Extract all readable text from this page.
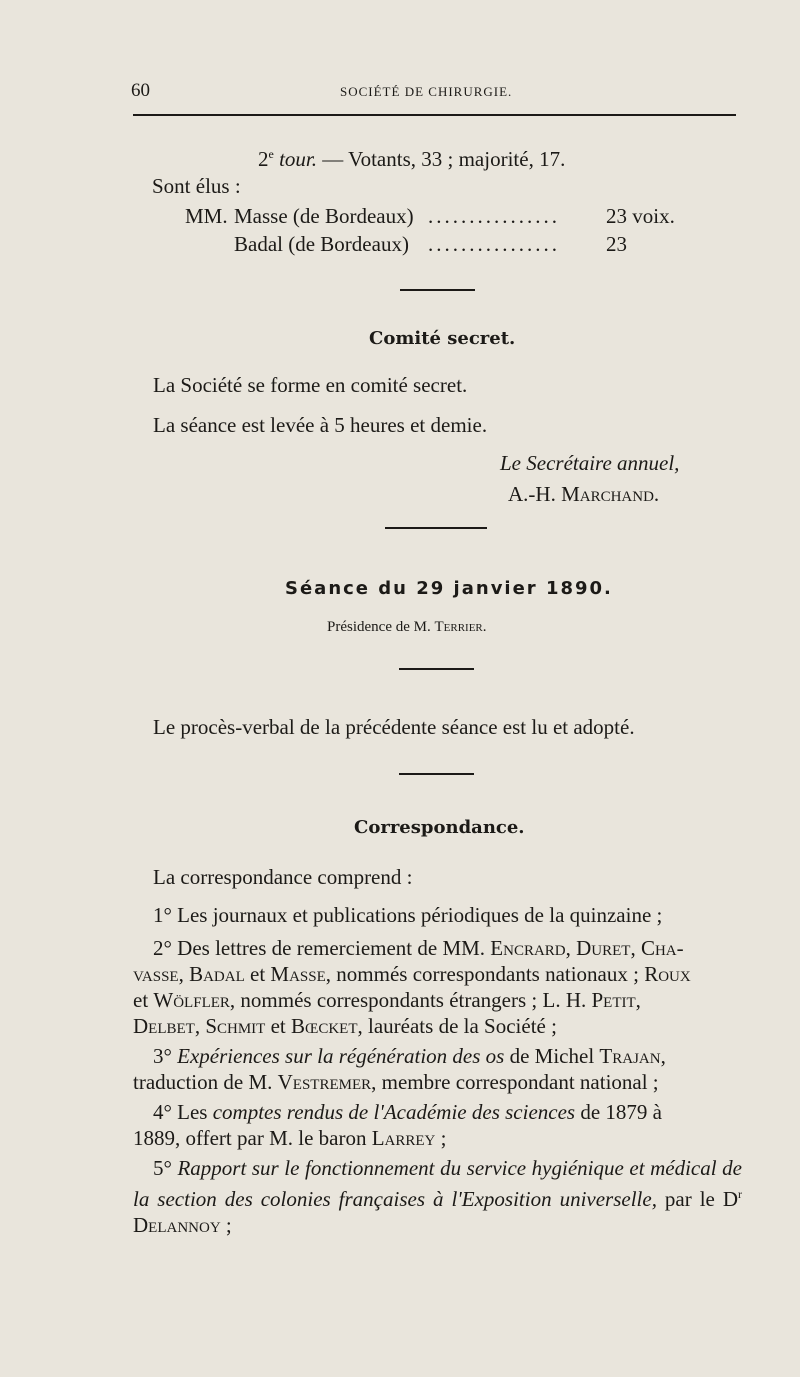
60	SOCIÉTÉ DE CHIRURGIE.
2e tour. — Votants, 33 ; majorité, 17.
Sont élus :
MM. Masse (de Bordeaux) ................ 23 voix.
Badal (de Bordeaux) ................ 23
Comité secret.
La Société se forme en comité secret.
La séance est levée à 5 heures et demie.
Le Secrétaire annuel,
A.-H. Marchand.
Séance du 29 janvier 1890.
Présidence de M. Terrier.
Le procès-verbal de la précédente séance est lu et adopté.
Correspondance.
La correspondance comprend :
1° Les journaux et publications périodiques de la quinzaine ;
2° Des lettres de remerciement de MM. Encrard, Duret, Cha-
vasse, Badal et Masse, nommés correspondants nationaux ; Roux
et Wölfler, nommés correspondants étrangers ; L. H. Petit,
Delbet, Schmit et Bœcket, lauréats de la Société ;
3° Expériences sur la régénération des os de Michel Trajan,
traduction de M. Vestremer, membre correspondant national ;
4° Les comptes rendus de l'Académie des sciences de 1879 à
1889, offert par M. le baron Larrey ;
5° Rapport sur le fonctionnement du service hygiénique et médical de la section des colonies françaises à l'Exposition universelle, par le $D^r$ Delannoy ;
